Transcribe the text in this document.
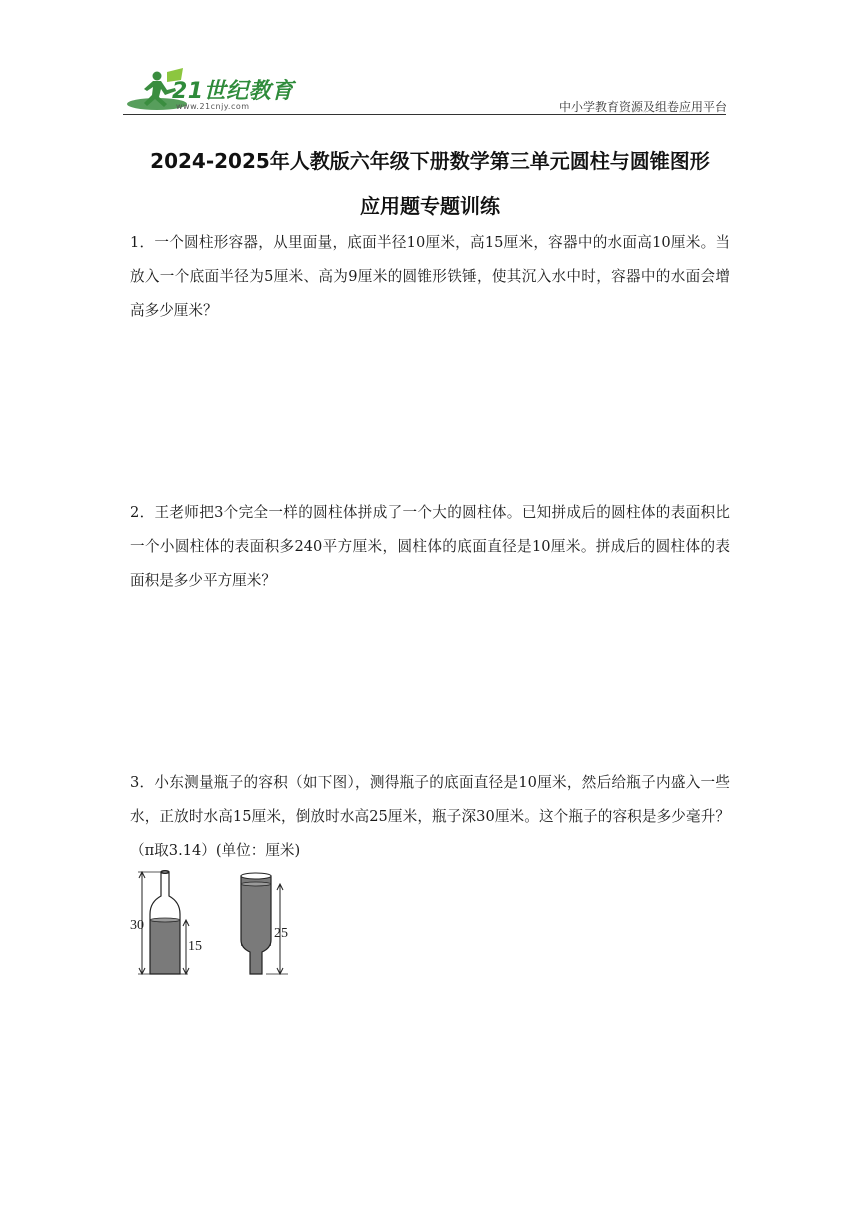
21世纪教育
www.21cnjy.com	中小学教育资源及组卷应用平台
2024-2025年人教版六年级下册数学第三单元圆柱与圆锥图形
应用题专题训练
1．一个圆柱形容器，从里面量，底面半径10厘米，高15厘米，容器中的水面高10厘米。当放入一个底面半径为5厘米、高为9厘米的圆锥形铁锤，使其沉入水中时，容器中的水面会增高多少厘米？
2．王老师把3个完全一样的圆柱体拼成了一个大的圆柱体。已知拼成后的圆柱体的表面积比一个小圆柱体的表面积多240平方厘米，圆柱体的底面直径是10厘米。拼成后的圆柱体的表面积是多少平方厘米？
3．小东测量瓶子的容积（如下图），测得瓶子的底面直径是10厘米，然后给瓶子内盛入一些水，正放时水高15厘米，倒放时水高25厘米，瓶子深30厘米。这个瓶子的容积是多少毫升？（π取3.14）(单位：厘米)
30
15
25
